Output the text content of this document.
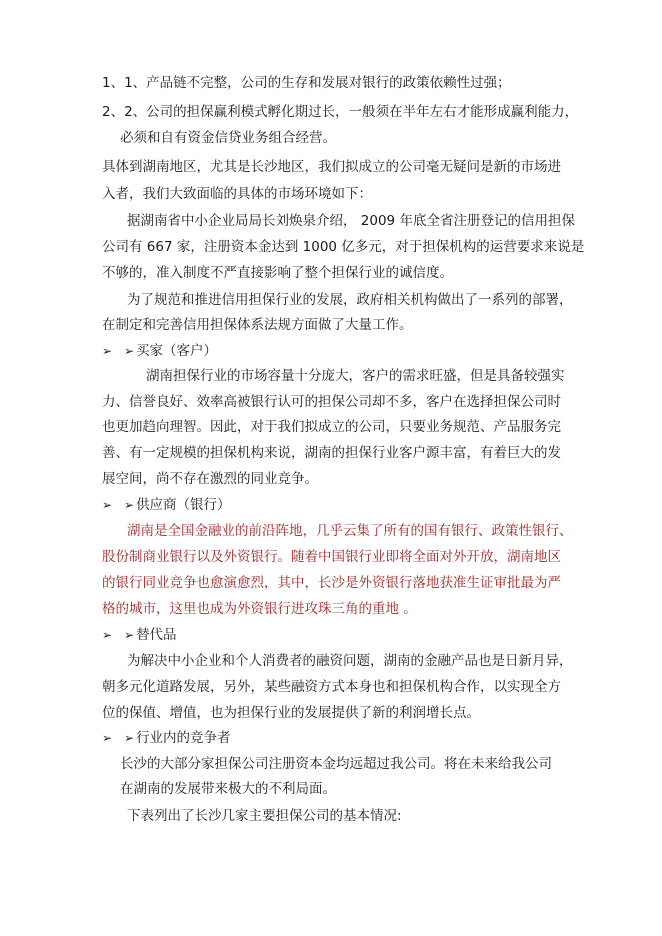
1、1、产品链不完整，公司的生存和发展对银行的政策依赖性过强；
2、2、公司的担保赢利模式孵化期过长，一般须在半年左右才能形成赢利能力，
必须和自有资金信贷业务组合经营。
具体到湖南地区，尤其是长沙地区，我们拟成立的公司毫无疑问是新的市场进
入者，我们大致面临的具体的市场环境如下：
据湖南省中小企业局局长刘焕泉介绍， 2009 年底全省注册登记的信用担保
公司有 667 家，注册资本金达到 1000 亿多元，对于担保机构的运营要求来说是
不够的，准入制度不严直接影响了整个担保行业的诚信度。
为了规范和推进信用担保行业的发展，政府相关机构做出了一系列的部署，
在制定和完善信用担保体系法规方面做了大量工作。
➢ ➢ 买家（客户）
湖南担保行业的市场容量十分庞大，客户的需求旺盛，但是具备较强实
力、信誉良好、效率高被银行认可的担保公司却不多，客户在选择担保公司时
也更加趋向理智。因此，对于我们拟成立的公司，只要业务规范、产品服务完
善、有一定规模的担保机构来说，湖南的担保行业客户源丰富，有着巨大的发
展空间，尚不存在激烈的同业竞争。
➢ ➢ 供应商（银行）
湖南是全国金融业的前沿阵地，几乎云集了所有的国有银行、政策性银行、
股份制商业银行以及外资银行。随着中国银行业即将全面对外开放，湖南地区
的银行同业竞争也愈演愈烈，其中，长沙是外资银行落地获准生证审批最为严
格的城市，这里也成为外资银行进攻珠三角的重地 。
➢ ➢ 替代品
为解决中小企业和个人消费者的融资问题，湖南的金融产品也是日新月异，
朝多元化道路发展，另外，某些融资方式本身也和担保机构合作，以实现全方
位的保值、增值，也为担保行业的发展提供了新的利润增长点。
➢ ➢ 行业内的竞争者
长沙的大部分家担保公司注册资本金均远超过我公司。将在未来给我公司
在湖南的发展带来极大的不利局面。
下表列出了长沙几家主要担保公司的基本情况:
